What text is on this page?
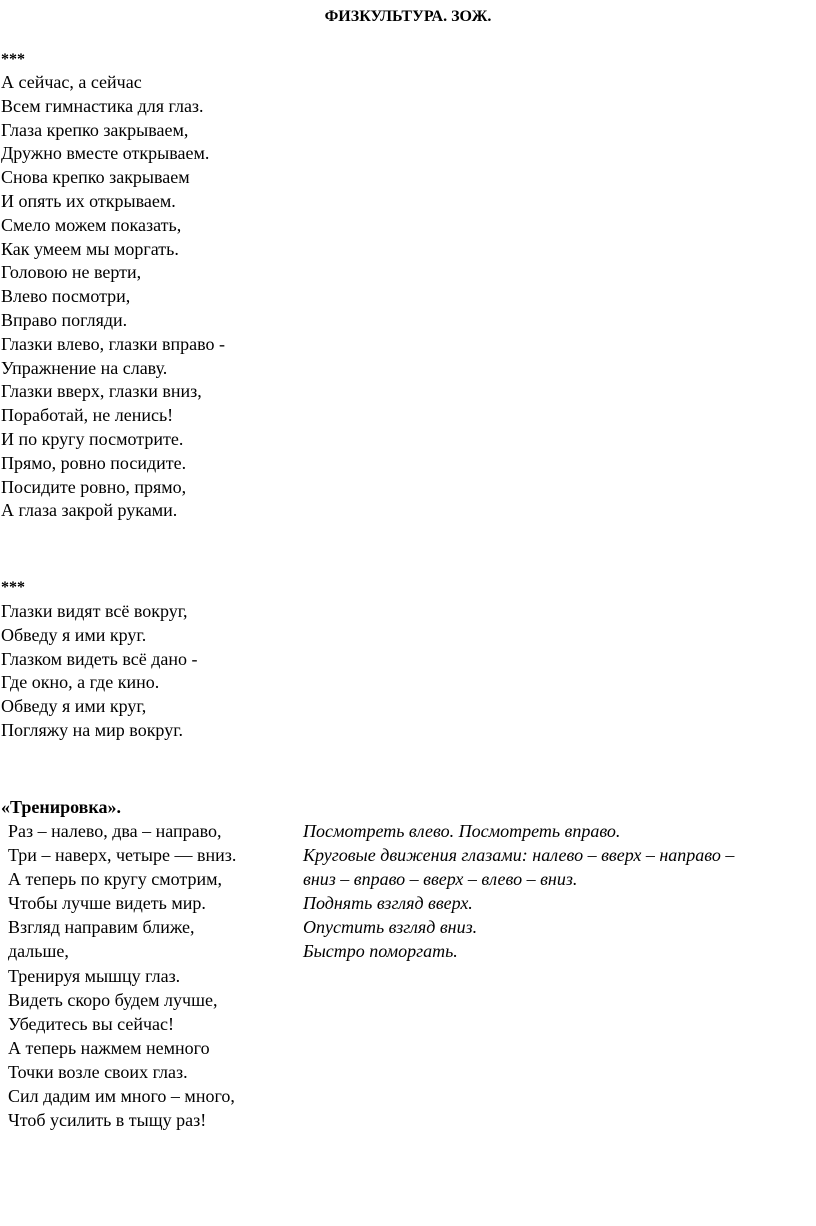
ФИЗКУЛЬТУРА. ЗОЖ.
***
А сейчас, а сейчас
Всем гимнастика для глаз.
Глаза крепко закрываем,
Дружно вместе открываем.
Снова крепко закрываем
И опять их открываем.
Смело можем показать,
Как умеем мы моргать.
Головою не верти,
Влево посмотри,
Вправо погляди.
Глазки влево, глазки вправо -
Упражнение на славу.
Глазки вверх, глазки вниз,
Поработай, не ленись!
И по кругу посмотрите.
Прямо, ровно посидите.
Посидите ровно, прямо,
А глаза закрой руками.
***
Глазки видят всё вокруг,
Обведу я ими круг.
Глазком видеть всё дано -
Где окно, а где кино.
Обведу я ими круг,
Погляжу на мир вокруг.
«Тренировка».
Раз – налево, два – направо,
Три – наверх, четыре — вниз.
А теперь по кругу смотрим,
Чтобы лучше видеть мир.
Взгляд направим ближе,
дальше,
Тренируя мышцу глаз.
Видеть скоро будем лучше,
Убедитесь вы сейчас!
А теперь нажмем немного
Точки возле своих глаз.
Сил дадим им много – много,
Чтоб усилить в тыщу раз!
Посмотреть влево. Посмотреть вправо.
Круговые движения глазами: налево – вверх – направо –
вниз – вправо – вверх – влево – вниз.
Поднять взгляд вверх.
Опустить взгляд вниз.
Быстро поморгать.
